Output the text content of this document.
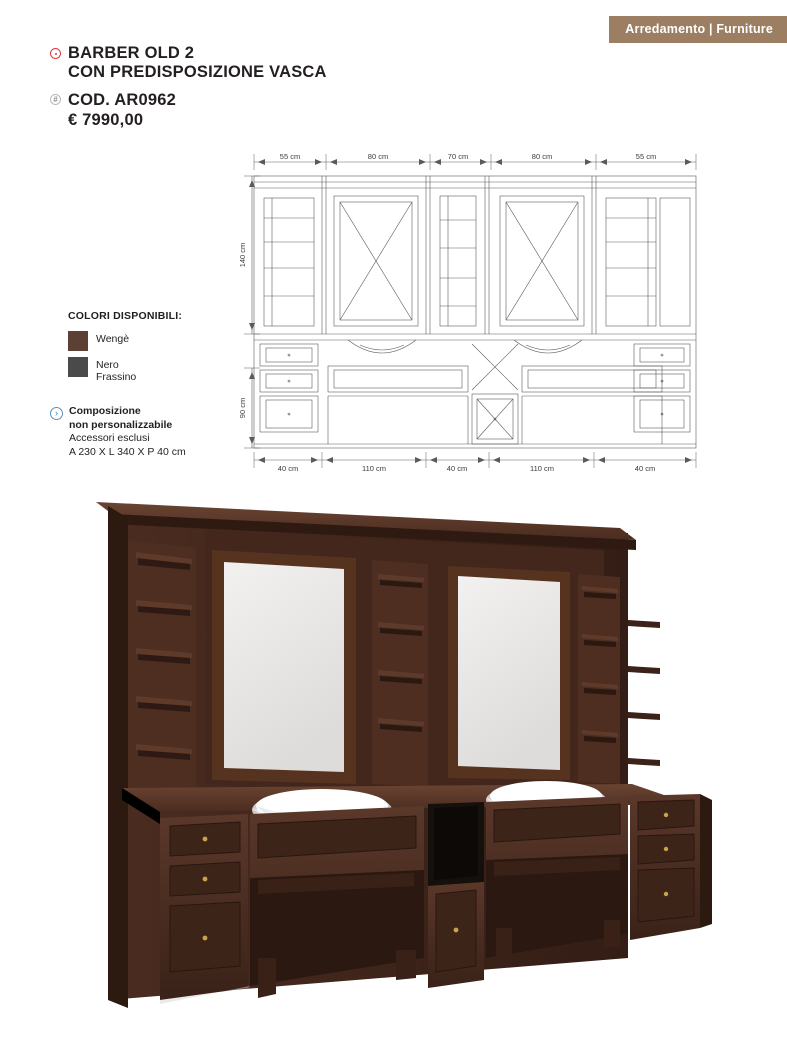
Arredamento | Furniture
BARBER OLD 2
CON PREDISPOSIZIONE VASCA
# COD. AR0962
€ 7990,00
COLORI DISPONIBILI:
Wengè
Nero
Frassino
›	Composizione
non personalizzabile
Accessori esclusi
A 230 X L 340 X P 40 cm
55 cm	80 cm	70 cm	80 cm	55 cm
40 cm	110 cm	40 cm	110 cm	40 cm
140 cm
90 cm
